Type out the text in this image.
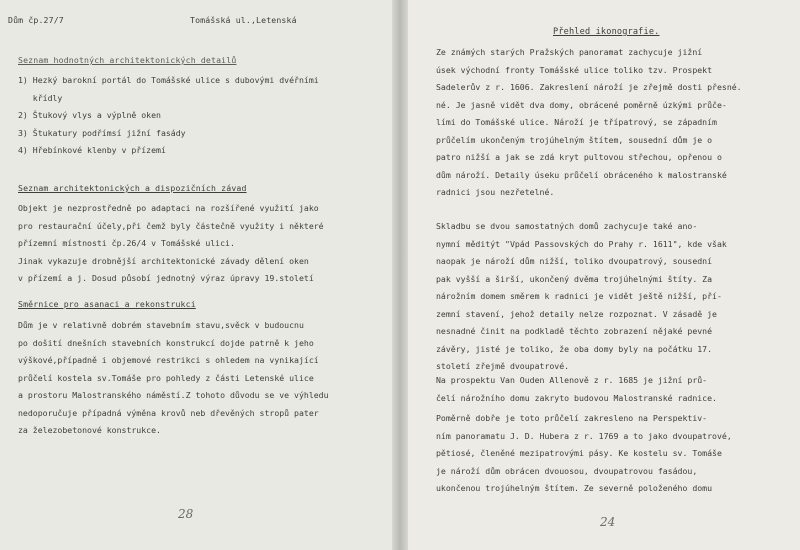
Dům čp.27/7	Tomášská ul.,Letenská
Seznam hodnotných architektonických detailů
1) Hezký barokní portál do Tomášské ulice s dubovými dvéřními
křídly
2) Štukový vlys a výplně oken
3) Štukatury podřímsí jižní fasády
4) Hřebínkové klenby v přízemí
Seznam architektonických a dispozičních závad
Objekt je nezprostředně po adaptaci na rozšířené využití jako
pro restaurační účely,při čemž byly částečně využity i některé
přízemní místnosti čp.26/4 v Tomášské ulici.
Jinak vykazuje drobnější architektonické závady dělení oken
v přízemí a j. Dosud působí jednotný výraz úpravy 19.století
Směrnice pro asanaci a rekonstrukci
Dům je v relativně dobrém stavebním stavu,svěck v budoucnu
po došití dnešních stavebních konstrukcí dojde patrně k jeho
výškové,případně i objemové restrikci s ohledem na vynikající
průčelí kostela sv.Tomáše pro pohledy z části Letenské ulice
a prostoru Malostranského náměstí.Z tohoto důvodu se ve výhledu
nedoporučuje případná výměna krovů neb dřevěných stropů pater
za železobetonové konstrukce.
28
Přehled ikonografie.
Ze známých starých Pražských panoramat zachycuje jižní
úsek východní fronty Tomášské ulice toliko tzv. Prospekt
Sadelerův z r. 1606. Zakreslení nároží je zřejmě dosti přesné.
né. Je jasně vidět dva domy, obrácené poměrně úzkými průče-
lími do Tomášské ulice. Nároží je třípatrový, se západním
průčelím ukončeným trojúhelným štítem, sousední dům je o
patro nižší a jak se zdá kryt pultovou střechou, opřenou o
dům nároží. Detaily úseku průčelí obráceného k malostranské
radnici jsou nezřetelné.
Skladbu se dvou samostatných domů zachycuje také ano-
nymní měditýt "Vpád Passovských do Prahy r. 1611", kde však
naopak je nároží dům nižší, toliko dvoupatrový, sousední
pak vyšší a širší, ukončený dvěma trojúhelnými štíty. Za
nárožním domem směrem k radnici je vidět ještě nižší, pří-
zemní stavení, jehož detaily nelze rozpoznat. V zásadě je
nesnadné činit na podkladě těchto zobrazení nějaké pevné
závěry, jisté je toliko, že oba domy byly na počátku 17.
století zřejmě dvoupatrové.
Na prospektu Van Ouden Allenově z r. 1685 je jižní prů-
čelí nárožního domu zakryto budovou Malostranské radnice.
Poměrně dobře je toto průčelí zakresleno na Perspektiv-
ním panoramatu J. D. Hubera z r. 1769 a to jako dvoupatrové,
pětiosé, členěné mezipatrovými pásy. Ke kostelu sv. Tomáše
je nároží dům obrácen dvouosou, dvoupatrovou fasádou,
ukončenou trojúhelným štítem. Ze severně položeného domu
24
